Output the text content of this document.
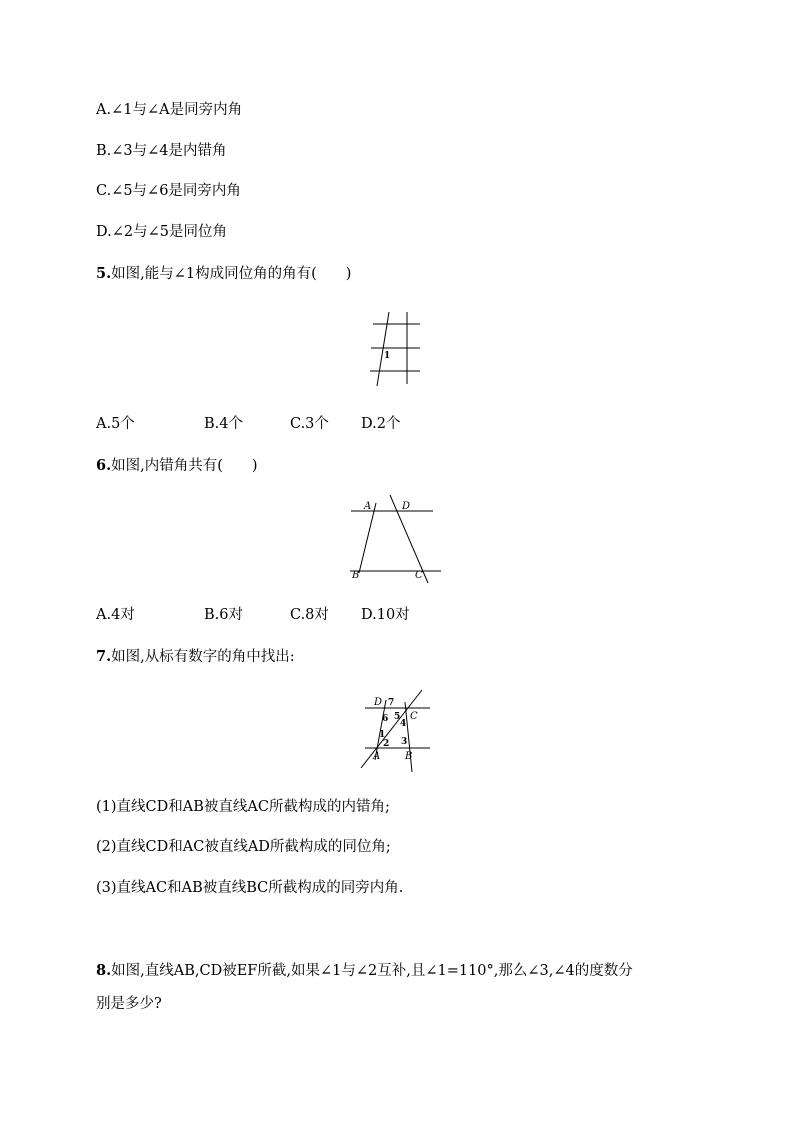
A.∠1与∠A是同旁内角
B.∠3与∠4是内错角
C.∠5与∠6是同旁内角
D.∠2与∠5是同位角
5.如图,能与∠1构成同位角的角有(　　)
1
A.5个	B.4个	C.3个 D.2个
6.如图,内错角共有(　　)
A	D
B	C
A.4对	B.6对	C.8对 D.10对
7.如图,从标有数字的角中找出:
D 7
6 5
4
C
1
2 3
A B
(1)直线CD和AB被直线AC所截构成的内错角;
(2)直线CD和AC被直线AD所截构成的同位角;
(3)直线AC和AB被直线BC所截构成的同旁内角.
8.如图,直线AB,CD被EF所截,如果∠1与∠2互补,且∠1=110°,那么∠3,∠4的度数分
别是多少?
